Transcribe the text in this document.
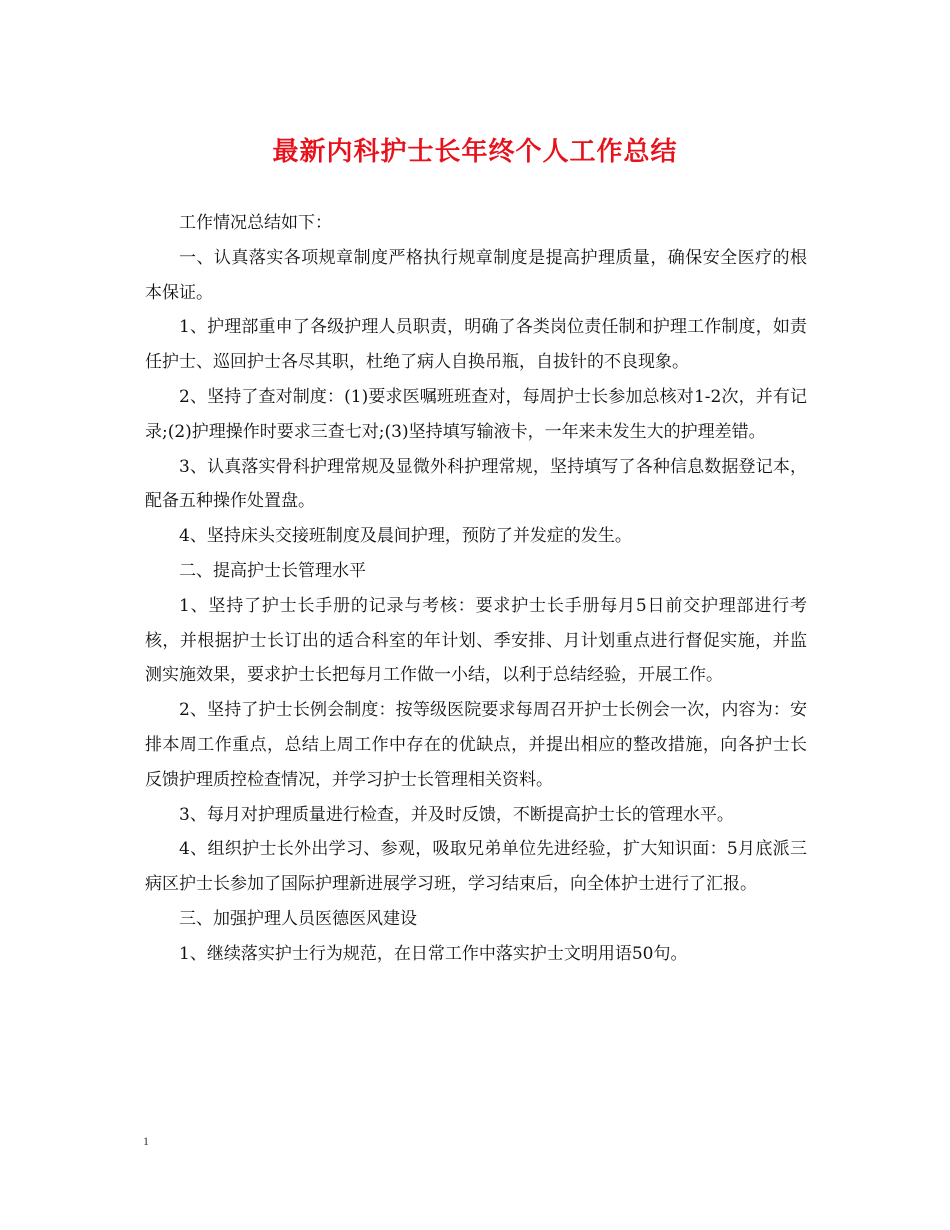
最新内科护士长年终个人工作总结

工作情况总结如下：

一、认真落实各项规章制度严格执行规章制度是提高护理质量，确保安全医疗的根本保证。

1、护理部重申了各级护理人员职责，明确了各类岗位责任制和护理工作制度，如责任护士、巡回护士各尽其职，杜绝了病人自换吊瓶，自拔针的不良现象。

2、坚持了查对制度：(1)要求医嘱班班查对，每周护士长参加总核对1-2次，并有记录;(2)护理操作时要求三查七对;(3)坚持填写输液卡，一年来未发生大的护理差错。

3、认真落实骨科护理常规及显微外科护理常规，坚持填写了各种信息数据登记本，配备五种操作处置盘。

4、坚持床头交接班制度及晨间护理，预防了并发症的发生。

二、提高护士长管理水平

1、坚持了护士长手册的记录与考核：要求护士长手册每月5日前交护理部进行考核，并根据护士长订出的适合科室的年计划、季安排、月计划重点进行督促实施，并监测实施效果，要求护士长把每月工作做一小结，以利于总结经验，开展工作。

2、坚持了护士长例会制度：按等级医院要求每周召开护士长例会一次，内容为：安排本周工作重点，总结上周工作中存在的优缺点，并提出相应的整改措施，向各护士长反馈护理质控检查情况，并学习护士长管理相关资料。

3、每月对护理质量进行检查，并及时反馈，不断提高护士长的管理水平。

4、组织护士长外出学习、参观，吸取兄弟单位先进经验，扩大知识面：5月底派三病区护士长参加了国际护理新进展学习班，学习结束后，向全体护士进行了汇报。

三、加强护理人员医德医风建设

1、继续落实护士行为规范，在日常工作中落实护士文明用语50句。

1
